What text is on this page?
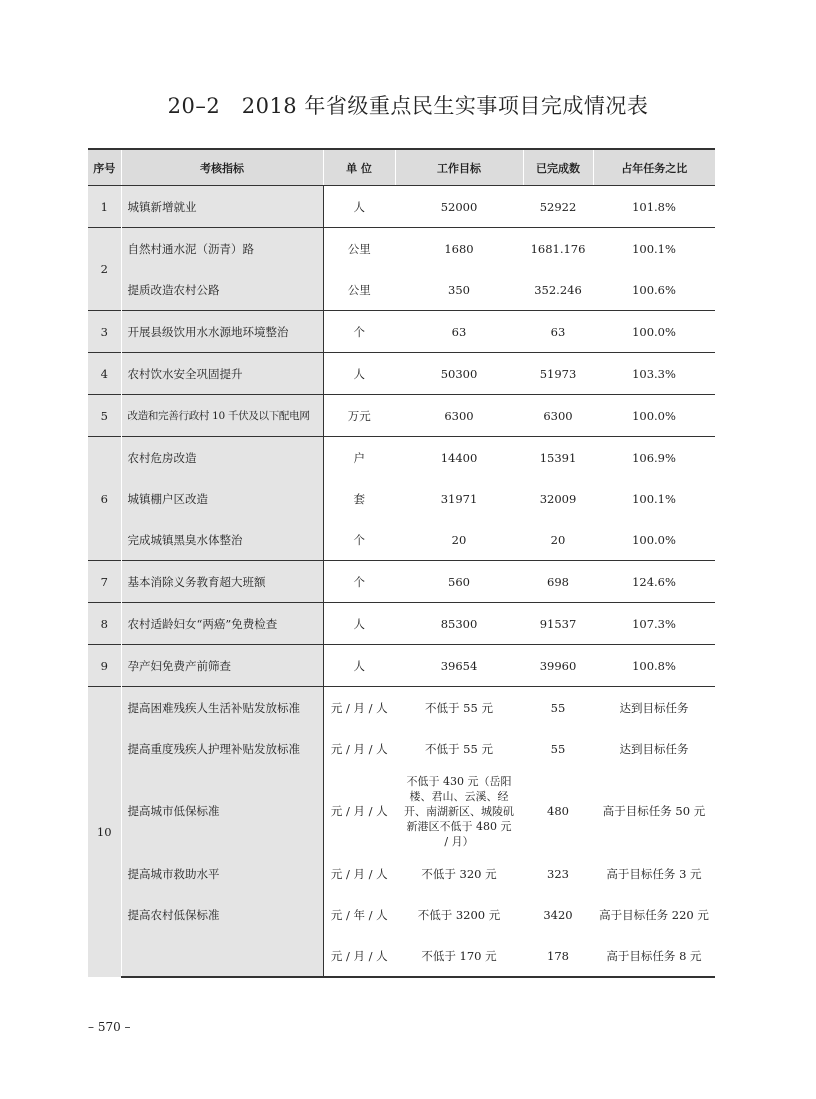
20–2　2018 年省级重点民生实事项目完成情况表
序号	考核指标	单 位	工作目标	已完成数	占年任务之比
1	城镇新增就业	人	52000	52922	101.8%
2	自然村通水泥（沥青）路	公里	1680	1681.176	100.1%
	提质改造农村公路	公里	350	352.246	100.6%
3	开展县级饮用水水源地环境整治	个	63	63	100.0%
4	农村饮水安全巩固提升	人	50300	51973	103.3%
5	改造和完善行政村 10 千伏及以下配电网	万元	6300	6300	100.0%
6	农村危房改造	户	14400	15391	106.9%
	城镇棚户区改造	套	31971	32009	100.1%
	完成城镇黑臭水体整治	个	20	20	100.0%
7	基本消除义务教育超大班额	个	560	698	124.6%
8	农村适龄妇女“两癌”免费检查	人	85300	91537	107.3%
9	孕产妇免费产前筛查	人	39654	39960	100.8%
10	提高困难残疾人生活补贴发放标准	元 / 月 / 人	不低于 55 元	55	达到目标任务
	提高重度残疾人护理补贴发放标准	元 / 月 / 人	不低于 55 元	55	达到目标任务
	提高城市低保标准	元 / 月 / 人	不低于 430 元（岳阳楼、君山、云溪、经开、南湖新区、城陵矶新港区不低于 480 元 / 月）	480	高于目标任务 50 元
	提高城市救助水平	元 / 月 / 人	不低于 320 元	323	高于目标任务 3 元
	提高农村低保标准	元 / 年 / 人	不低于 3200 元	3420	高于目标任务 220 元
		元 / 月 / 人	不低于 170 元	178	高于目标任务 8 元
– 570 –
